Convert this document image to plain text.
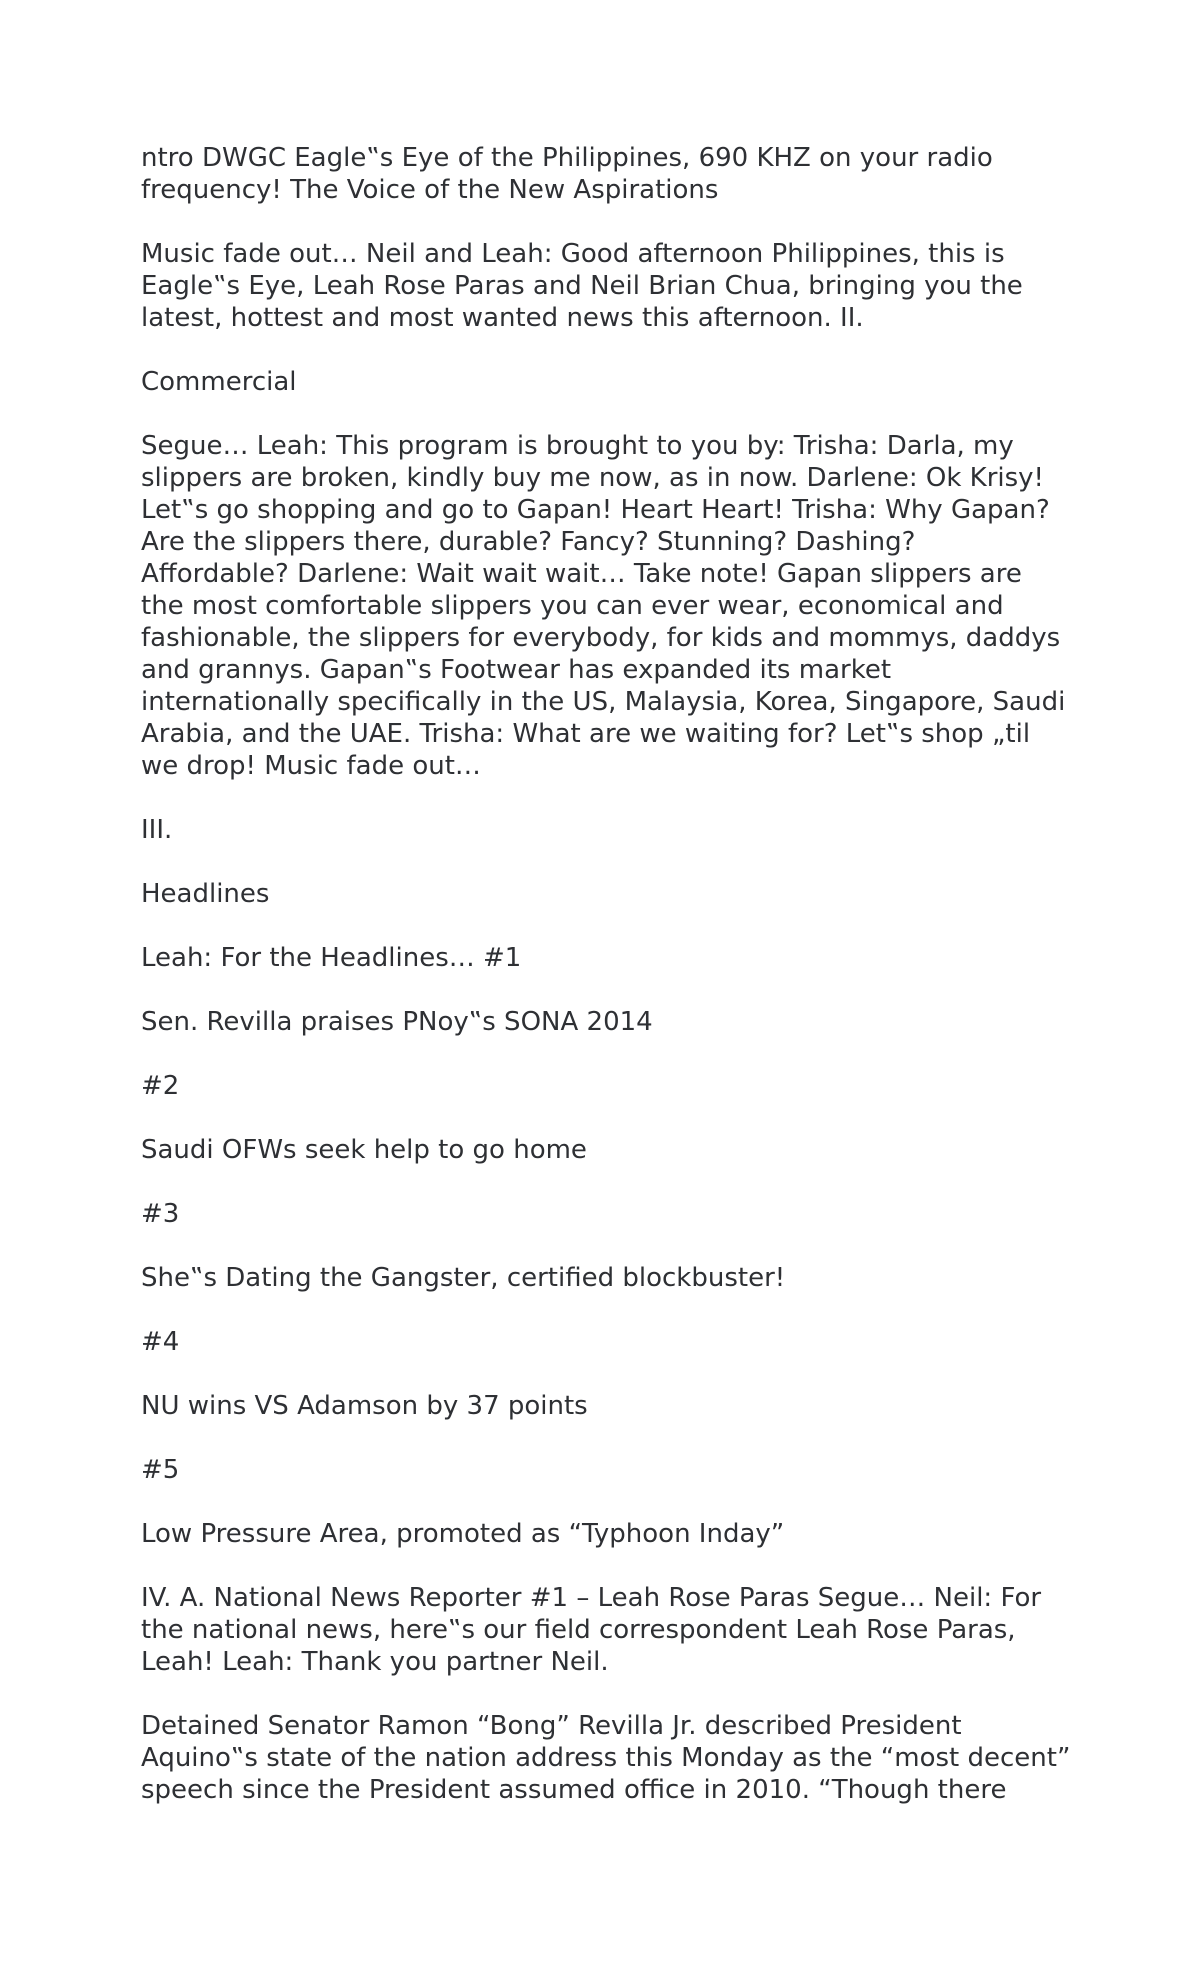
ntro DWGC Eagle‟s Eye of the Philippines, 690 KHZ on your radio frequency! The Voice of the New Aspirations

Music fade out… Neil and Leah: Good afternoon Philippines, this is Eagle‟s Eye, Leah Rose Paras and Neil Brian Chua, bringing you the latest, hottest and most wanted news this afternoon. II.

Commercial

Segue… Leah: This program is brought to you by: Trisha: Darla, my slippers are broken, kindly buy me now, as in now. Darlene: Ok Krisy! Let‟s go shopping and go to Gapan! Heart Heart! Trisha: Why Gapan? Are the slippers there, durable? Fancy? Stunning? Dashing? Affordable? Darlene: Wait wait wait… Take note! Gapan slippers are the most comfortable slippers you can ever wear, economical and fashionable, the slippers for everybody, for kids and mommys, daddys and grannys. Gapan‟s Footwear has expanded its market internationally specifically in the US, Malaysia, Korea, Singapore, Saudi Arabia, and the UAE. Trisha: What are we waiting for? Let‟s shop „til we drop! Music fade out…

III.

Headlines

Leah: For the Headlines… #1

Sen. Revilla praises PNoy‟s SONA 2014

#2

Saudi OFWs seek help to go home

#3

She‟s Dating the Gangster, certified blockbuster!

#4

NU wins VS Adamson by 37 points

#5

Low Pressure Area, promoted as “Typhoon Inday”

IV. A. National News Reporter #1 – Leah Rose Paras Segue… Neil: For the national news, here‟s our field correspondent Leah Rose Paras, Leah! Leah: Thank you partner Neil.

Detained Senator Ramon “Bong” Revilla Jr. described President Aquino‟s state of the nation address this Monday as the “most decent” speech since the President assumed office in 2010. “Though there
